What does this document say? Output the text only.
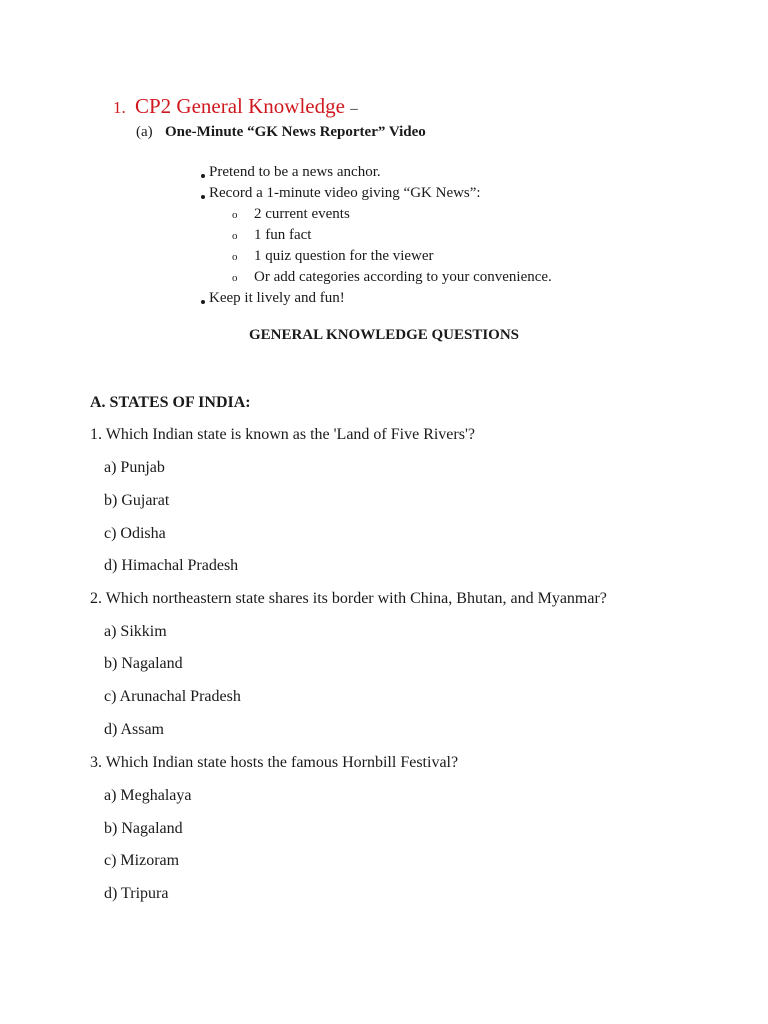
1. CP2 General Knowledge –
(a) One-Minute “GK News Reporter” Video
Pretend to be a news anchor.
Record a 1-minute video giving “GK News”:
o 2 current events
o 1 fun fact
o 1 quiz question for the viewer
o Or add categories according to your convenience.
Keep it lively and fun!
GENERAL KNOWLEDGE QUESTIONS
A. STATES OF INDIA:
1. Which Indian state is known as the 'Land of Five Rivers'?
a) Punjab
b) Gujarat
c) Odisha
d) Himachal Pradesh
2. Which northeastern state shares its border with China, Bhutan, and Myanmar?
a) Sikkim
b) Nagaland
c) Arunachal Pradesh
d) Assam
3. Which Indian state hosts the famous Hornbill Festival?
a) Meghalaya
b) Nagaland
c) Mizoram
d) Tripura
